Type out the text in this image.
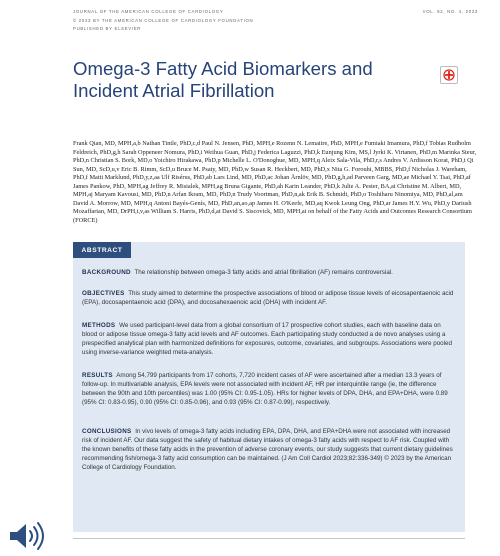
JOURNAL OF THE AMERICAN COLLEGE OF CARDIOLOGY	VOL. 82, NO. 4, 2023
© 2023 BY THE AMERICAN COLLEGE OF CARDIOLOGY FOUNDATION
PUBLISHED BY ELSEVIER
Omega-3 Fatty Acid Biomarkers and Incident Atrial Fibrillation

Frank Qian, MD, MPH,a,b Nathan Tintle, PhD,c,d Paul N. Jensen, PhD, MPH,e Rozenn N. Lemaitre, PhD, MPH,e Fumiaki Imamura, PhD,f Tobias Rudholm Feldreich, PhD,g,h Sarah Oppeneer Nomura, PhD,i Weihua Guan, PhD,j Federica Laguzzi, PhD,k Eunjung Kim, MS,l Jyrki K. Virtanen, PhD,m Marinka Steur, PhD,n Christian S. Bork, MD,o Yoichiro Hirakawa, PhD,p Michelle L. O'Donoghue, MD, MPH,q Aleix Sala-Vila, PhD,r,s Andres V. Ardisson Korat, PhD,t Qi Sun, MD, ScD,u,v Eric B. Rimm, ScD,u Bruce M. Psaty, MD, PhD,w Susan R. Heckbert, MD, PhD,x Nita G. Forouhi, MBBS, PhD,f Nicholas J. Wareham, PhD,f Matti Marklund, PhD,y,z,aa Ulf Risérus, PhD,ab Lars Lind, MD, PhD,ac Johan Ärnlöv, MD, PhD,g,h,ad Parveen Garg, MD,ae Michael Y. Tsai, PhD,af James Pankow, PhD, MPH,ag Jeffrey R. Misialek, MPH,ag Bruna Gigante, PhD,ah Karin Leander, PhD,k Julie A. Pester, BA,ai Christine M. Albert, MD, MPH,aj Maryam Kavousi, MD, PhD,n Arfan Ikram, MD, PhD,n Trudy Voortman, PhD,n,ak Erik B. Schmidt, PhD,o Toshiharu Ninomiya, MD, PhD,al,am David A. Morrow, MD, MPH,q Antoni Bayés-Genís, MD, PhD,an,ao,ap James H. O'Keefe, MD,aq Kwok Leung Ong, PhD,ar James H.Y. Wu, PhD,y Dariush Mozaffarian, MD, DrPH,t,v,as William S. Harris, PhD,d,at David S. Siscovick, MD, MPH,ai on behalf of the Fatty Acids and Outcomes Research Consortium (FORCE)

ABSTRACT

BACKGROUND The relationship between omega-3 fatty acids and atrial fibrillation (AF) remains controversial.

OBJECTIVES This study aimed to determine the prospective associations of blood or adipose tissue levels of eicosapentaenoic acid (EPA), docosapentaenoic acid (DPA), and docosahexaenoic acid (DHA) with incident AF.

METHODS We used participant-level data from a global consortium of 17 prospective cohort studies, each with baseline data on blood or adipose tissue omega-3 fatty acid levels and AF outcomes. Each participating study conducted a de novo analyses using a prespecified analytical plan with harmonized definitions for exposures, outcome, covariates, and subgroups. Associations were pooled using inverse-variance weighted meta-analysis.

RESULTS Among 54,799 participants from 17 cohorts, 7,720 incident cases of AF were ascertained after a median 13.3 years of follow-up. In multivariable analysis, EPA levels were not associated with incident AF, HR per interquintile range (ie, the difference between the 90th and 10th percentiles) was 1.00 (95% CI: 0.95-1.05). HRs for higher levels of DPA, DHA, and EPA+DHA, were 0.89 (95% CI: 0.83-0.95), 0.90 (95% CI: 0.85-0.96), and 0.93 (95% CI: 0.87-0.99), respectively.

CONCLUSIONS In vivo levels of omega-3 fatty acids including EPA, DPA, DHA, and EPA+DHA were not associated with increased risk of incident AF. Our data suggest the safety of habitual dietary intakes of omega-3 fatty acids with respect to AF risk. Coupled with the known benefits of these fatty acids in the prevention of adverse coronary events, our study suggests that current dietary guidelines recommending fish/omega-3 fatty acid consumption can be maintained. (J Am Coll Cardiol 2023;82:336-349) © 2023 by the American College of Cardiology Foundation.
